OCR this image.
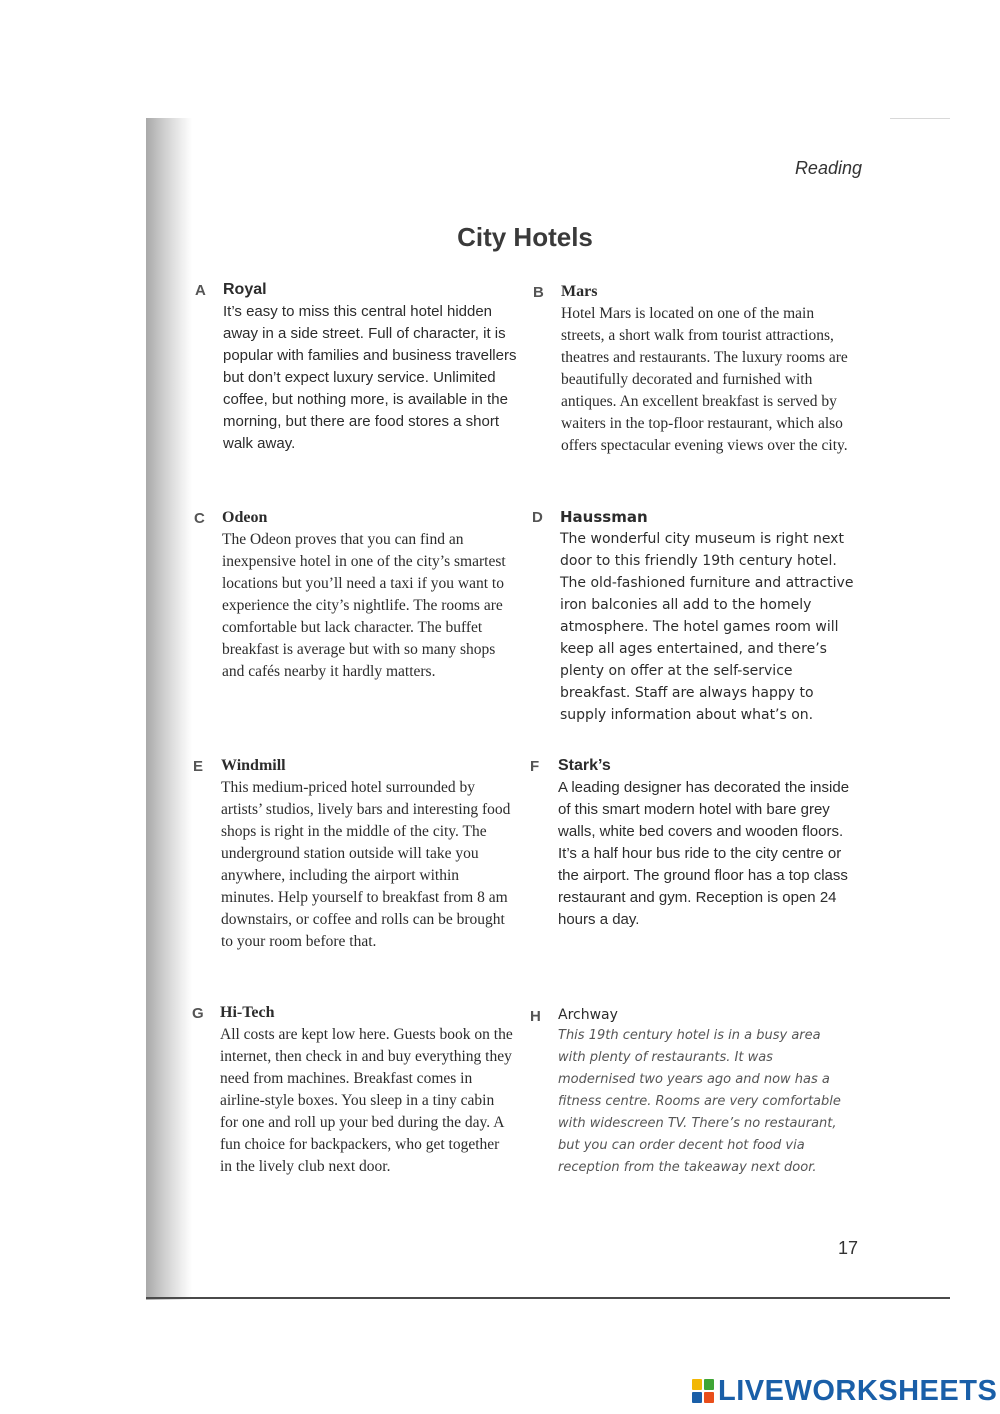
Reading
City Hotels
A Royal
It’s easy to miss this central hotel hidden away in a side street. Full of character, it is popular with families and business travellers but don’t expect luxury service. Unlimited coffee, but nothing more, is available in the morning, but there are food stores a short walk away.
B Mars
Hotel Mars is located on one of the main streets, a short walk from tourist attractions, theatres and restaurants. The luxury rooms are beautifully decorated and furnished with antiques. An excellent breakfast is served by waiters in the top-floor restaurant, which also offers spectacular evening views over the city.
C Odeon
The Odeon proves that you can find an inexpensive hotel in one of the city’s smartest locations but you’ll need a taxi if you want to experience the city’s nightlife. The rooms are comfortable but lack character. The buffet breakfast is average but with so many shops and cafés nearby it hardly matters.
D Haussman
The wonderful city museum is right next door to this friendly 19th century hotel. The old-fashioned furniture and attractive iron balconies all add to the homely atmosphere. The hotel games room will keep all ages entertained, and there’s plenty on offer at the self-service breakfast. Staff are always happy to supply information about what’s on.
E Windmill
This medium-priced hotel surrounded by artists’ studios, lively bars and interesting food shops is right in the middle of the city. The underground station outside will take you anywhere, including the airport within minutes. Help yourself to breakfast from 8 am downstairs, or coffee and rolls can be brought to your room before that.
F Stark’s
A leading designer has decorated the inside of this smart modern hotel with bare grey walls, white bed covers and wooden floors. It’s a half hour bus ride to the city centre or the airport. The ground floor has a top class restaurant and gym. Reception is open 24 hours a day.
G Hi-Tech
All costs are kept low here. Guests book on the internet, then check in and buy everything they need from machines. Breakfast comes in airline-style boxes. You sleep in a tiny cabin for one and roll up your bed during the day. A fun choice for backpackers, who get together in the lively club next door.
H Archway
This 19th century hotel is in a busy area with plenty of restaurants. It was modernised two years ago and now has a fitness centre. Rooms are very comfortable with widescreen TV. There’s no restaurant, but you can order decent hot food via reception from the takeaway next door.
17
LIVEWORKSHEETS
